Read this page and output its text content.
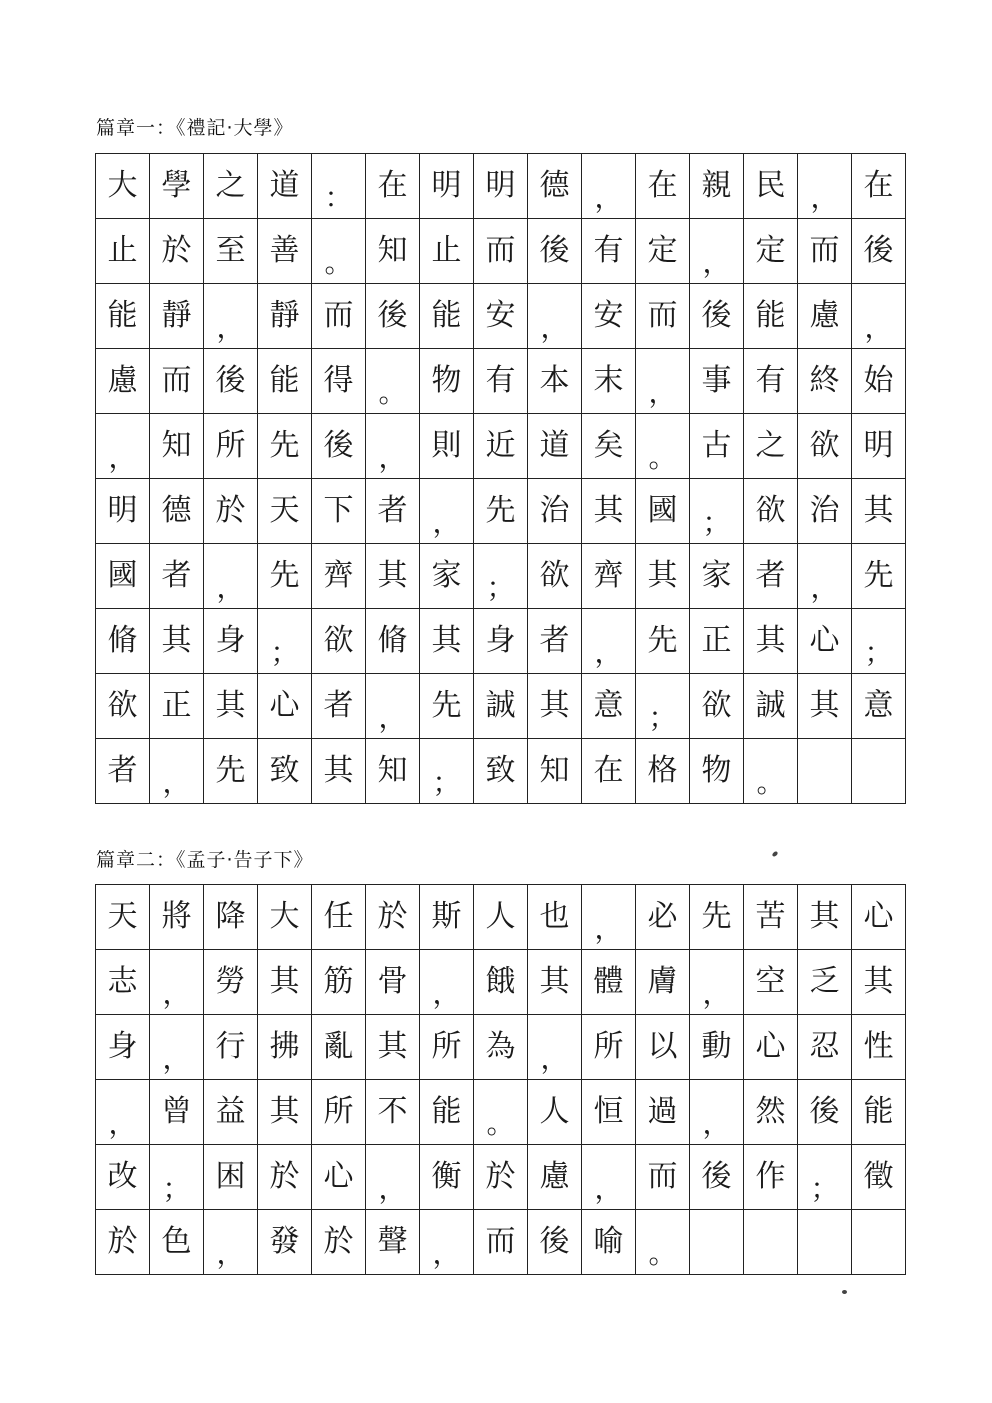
篇章一：《禮記‧大學》
大	學	之	道	：	在	明	明	德	，	在	親	民	，	在
止	於	至	善	。	知	止	而	後	有	定	，	定	而	後
能	靜	，	靜	而	後	能	安	，	安	而	後	能	慮	，
慮	而	後	能	得	。	物	有	本	末	，	事	有	終	始
，	知	所	先	後	，	則	近	道	矣	。	古	之	欲	明
明	德	於	天	下	者	，	先	治	其	國	；	欲	治	其
國	者	，	先	齊	其	家	；	欲	齊	其	家	者	，	先
脩	其	身	；	欲	脩	其	身	者	，	先	正	其	心	；
欲	正	其	心	者	，	先	誠	其	意	；	欲	誠	其	意
者	，	先	致	其	知	；	致	知	在	格	物	。		
篇章二：《孟子‧告子下》
天	將	降	大	任	於	斯	人	也	，	必	先	苦	其	心
志	，	勞	其	筋	骨	，	餓	其	體	膚	，	空	乏	其
身	，	行	拂	亂	其	所	為	，	所	以	動	心	忍	性
，	曾	益	其	所	不	能	。	人	恒	過	，	然	後	能
改	；	困	於	心	，	衡	於	慮	，	而	後	作	；	徵
於	色	，	發	於	聲	，	而	後	喻	。				
